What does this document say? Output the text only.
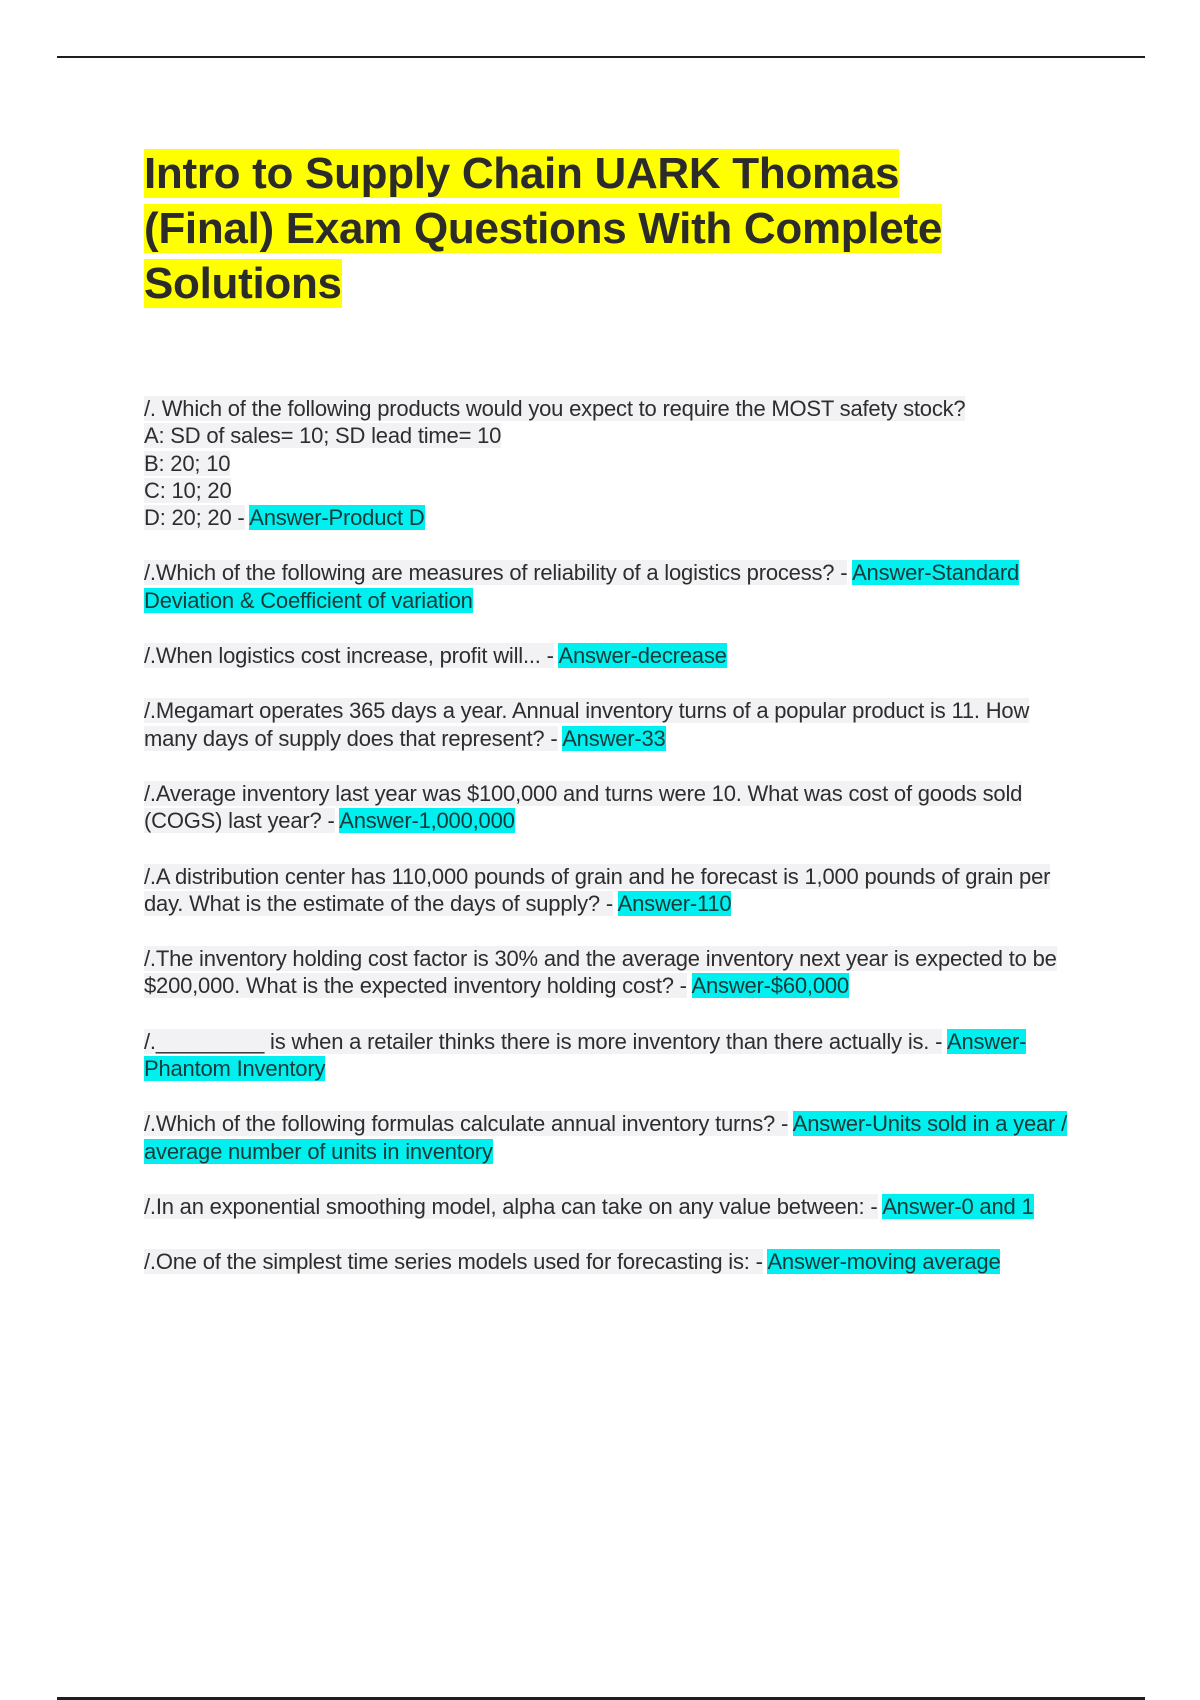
Intro to Supply Chain UARK Thomas
(Final) Exam Questions With Complete
Solutions
/. Which of the following products would you expect to require the MOST safety stock?
A: SD of sales= 10; SD lead time= 10
B: 20; 10
C: 10; 20
D: 20; 20 - Answer-Product D
/.Which of the following are measures of reliability of a logistics process? - Answer-Standard Deviation & Coefficient of variation
/.When logistics cost increase, profit will... - Answer-decrease
/.Megamart operates 365 days a year. Annual inventory turns of a popular product is 11. How many days of supply does that represent? - Answer-33
/.Average inventory last year was $100,000 and turns were 10. What was cost of goods sold (COGS) last year? - Answer-1,000,000
/.A distribution center has 110,000 pounds of grain and he forecast is 1,000 pounds of grain per day. What is the estimate of the days of supply? - Answer-110
/.The inventory holding cost factor is 30% and the average inventory next year is expected to be $200,000. What is the expected inventory holding cost? - Answer-$60,000
/._________ is when a retailer thinks there is more inventory than there actually is. - Answer-Phantom Inventory
/.Which of the following formulas calculate annual inventory turns? - Answer-Units sold in a year / average number of units in inventory
/.In an exponential smoothing model, alpha can take on any value between: - Answer-0 and 1
/.One of the simplest time series models used for forecasting is: - Answer-moving average
